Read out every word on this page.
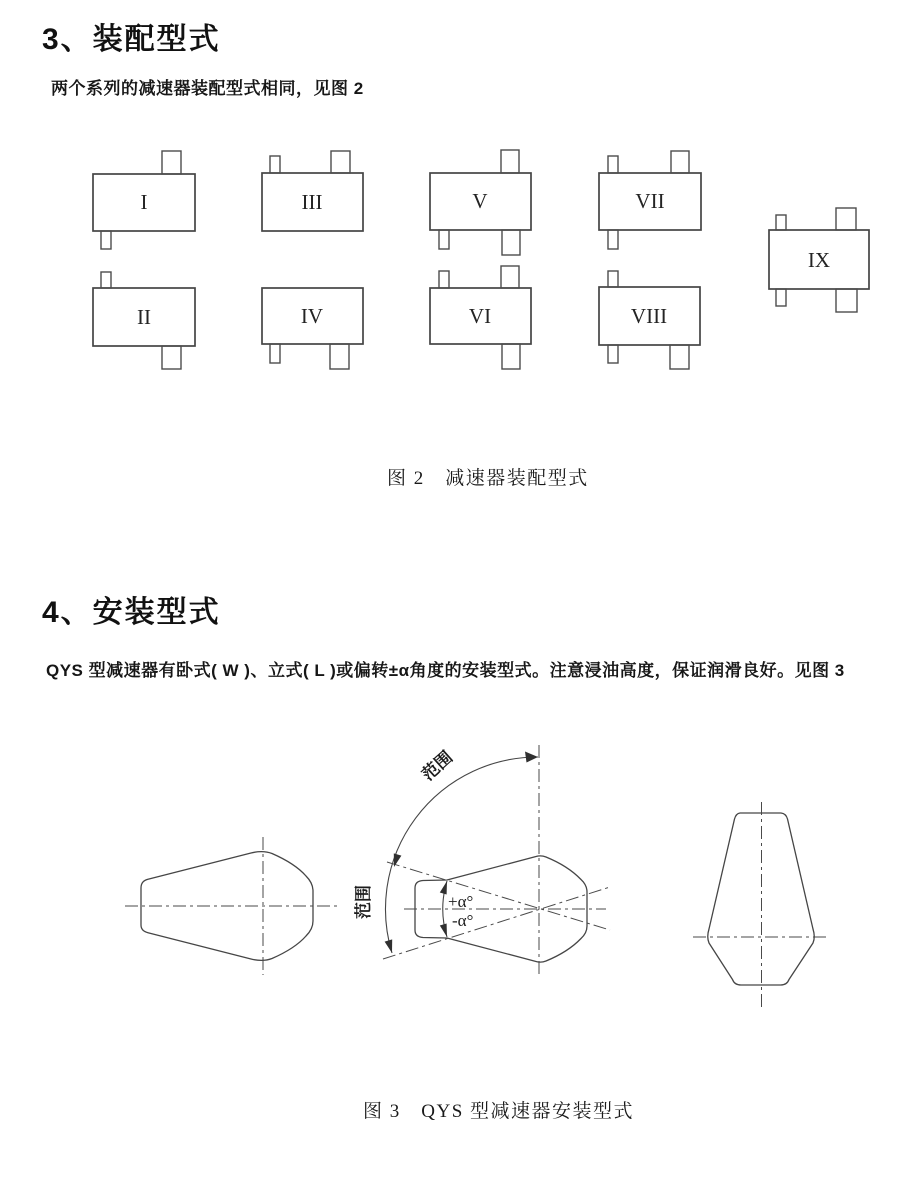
3、装配型式
两个系列的减速器装配型式相同，见图 2
I
II
III
IV
V
VI
VII
VIII
IX
图 2　减速器装配型式
4、安装型式
QYS 型减速器有卧式( W )、立式( L )或偏转±α角度的安装型式。注意浸油高度，保证润滑良好。见图 3
范围
范围	+α°
-α°
图 3　QYS 型减速器安装型式
